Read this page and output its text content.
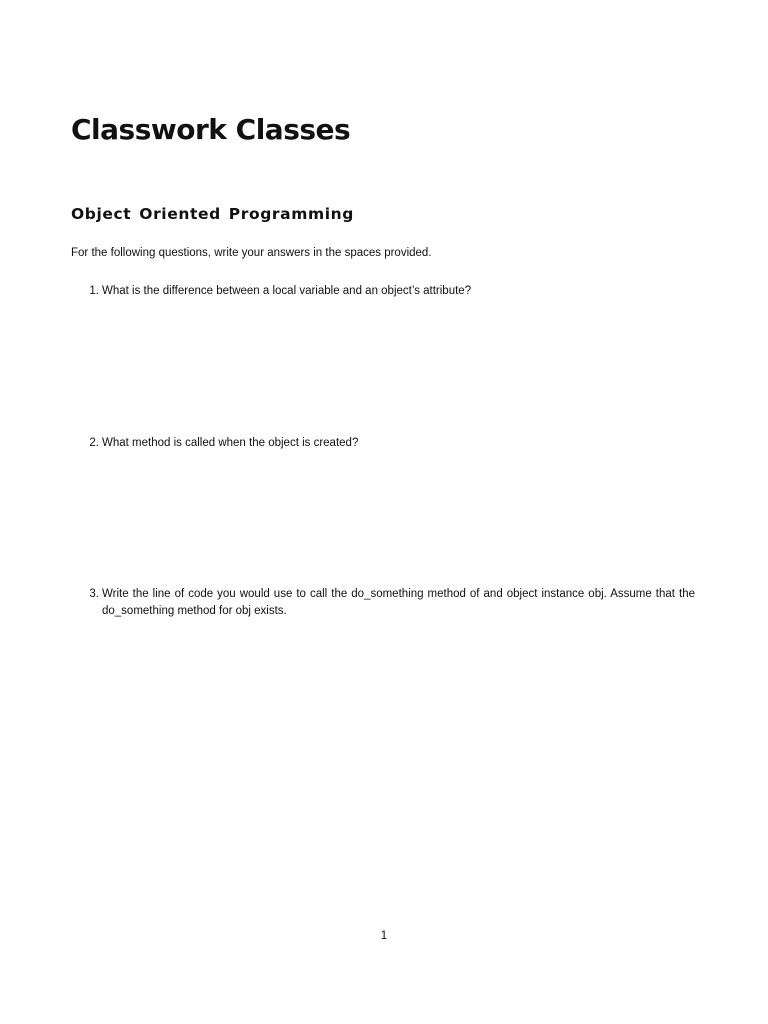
Classwork Classes
Object Oriented Programming

For the following questions, write your answers in the spaces provided.

1. What is the difference between a local variable and an object’s attribute?
2. What method is called when the object is created?
3. Write the line of code you would use to call the do_something method of and object instance obj. Assume that the do_something method for obj exists.
1
